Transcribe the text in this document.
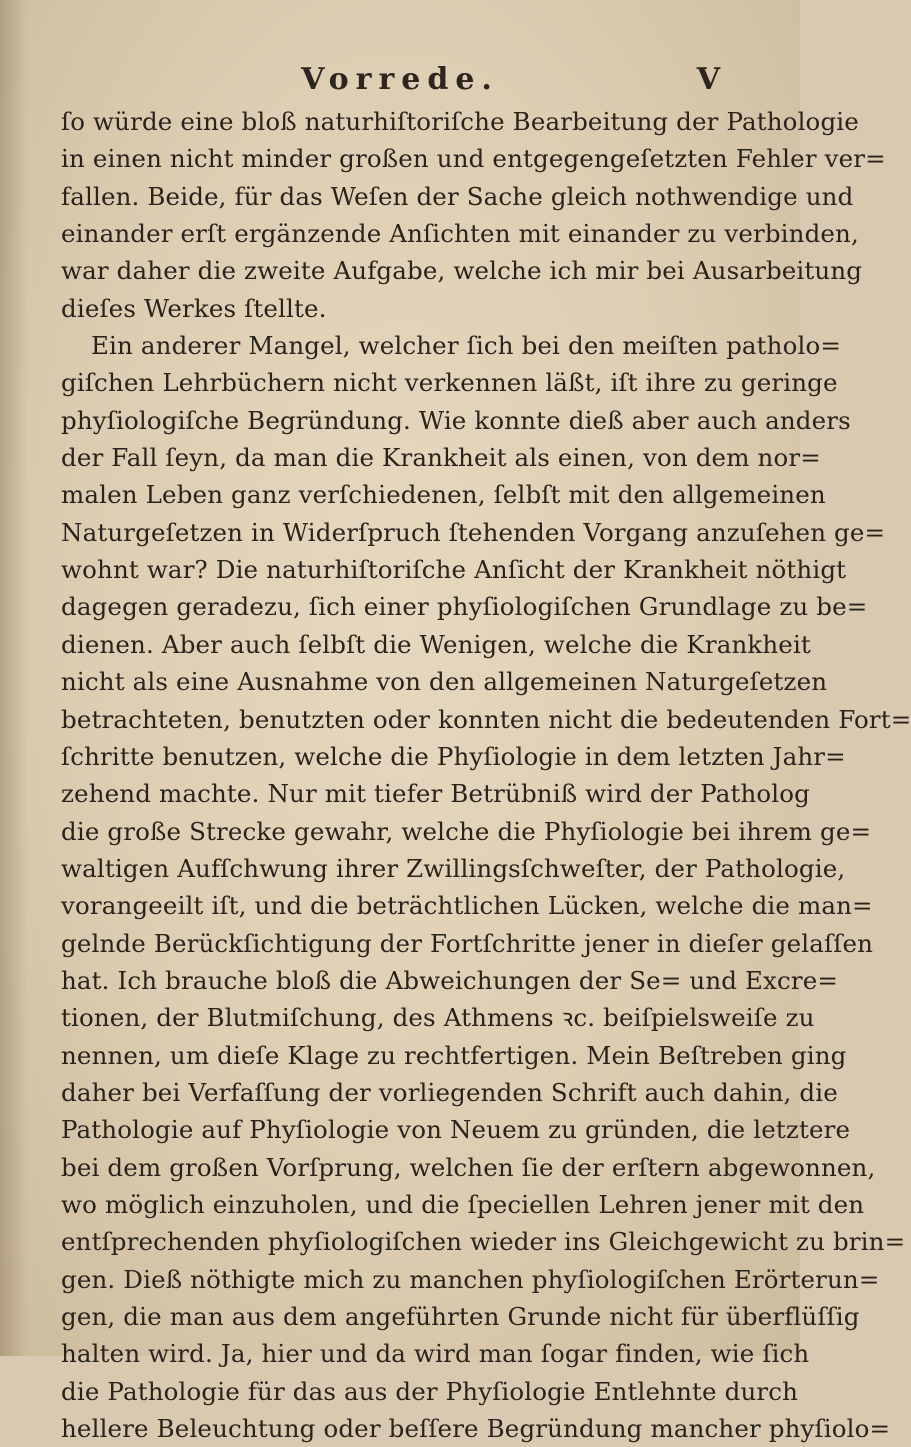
Vorrede.	V
ſo würde eine bloß naturhiſtoriſche Bearbeitung der Pathologie
in einen nicht minder großen und entgegengeſetzten Fehler ver=
fallen. Beide, für das Weſen der Sache gleich nothwendige und
einander erſt ergänzende Anſichten mit einander zu verbinden,
war daher die zweite Aufgabe, welche ich mir bei Ausarbeitung
dieſes Werkes ſtellte.
Ein anderer Mangel, welcher ſich bei den meiſten patholo=
giſchen Lehrbüchern nicht verkennen läßt, iſt ihre zu geringe
phyſiologiſche Begründung. Wie konnte dieß aber auch anders
der Fall ſeyn, da man die Krankheit als einen, von dem nor=
malen Leben ganz verſchiedenen, ſelbſt mit den allgemeinen
Naturgeſetzen in Widerſpruch ſtehenden Vorgang anzuſehen ge=
wohnt war? Die naturhiſtoriſche Anſicht der Krankheit nöthigt
dagegen geradezu, ſich einer phyſiologiſchen Grundlage zu be=
dienen. Aber auch ſelbſt die Wenigen, welche die Krankheit
nicht als eine Ausnahme von den allgemeinen Naturgeſetzen
betrachteten, benutzten oder konnten nicht die bedeutenden Fort=
ſchritte benutzen, welche die Phyſiologie in dem letzten Jahr=
zehend machte. Nur mit tiefer Betrübniß wird der Patholog
die große Strecke gewahr, welche die Phyſiologie bei ihrem ge=
waltigen Aufſchwung ihrer Zwillingsſchweſter, der Pathologie,
vorangeeilt iſt, und die beträchtlichen Lücken, welche die man=
gelnde Berückſichtigung der Fortſchritte jener in dieſer gelaſſen
hat. Ich brauche bloß die Abweichungen der Se= und Excre=
tionen, der Blutmiſchung, des Athmens ꝛc. beiſpielsweiſe zu
nennen, um dieſe Klage zu rechtfertigen. Mein Beſtreben ging
daher bei Verfaſſung der vorliegenden Schrift auch dahin, die
Pathologie auf Phyſiologie von Neuem zu gründen, die letztere
bei dem großen Vorſprung, welchen ſie der erſtern abgewonnen,
wo möglich einzuholen, und die ſpeciellen Lehren jener mit den
entſprechenden phyſiologiſchen wieder ins Gleichgewicht zu brin=
gen. Dieß nöthigte mich zu manchen phyſiologiſchen Erörterun=
gen, die man aus dem angeführten Grunde nicht für überflüſſig
halten wird. Ja, hier und da wird man ſogar finden, wie ſich
die Pathologie für das aus der Phyſiologie Entlehnte durch
hellere Beleuchtung oder beſſere Begründung mancher phyſiolo=
